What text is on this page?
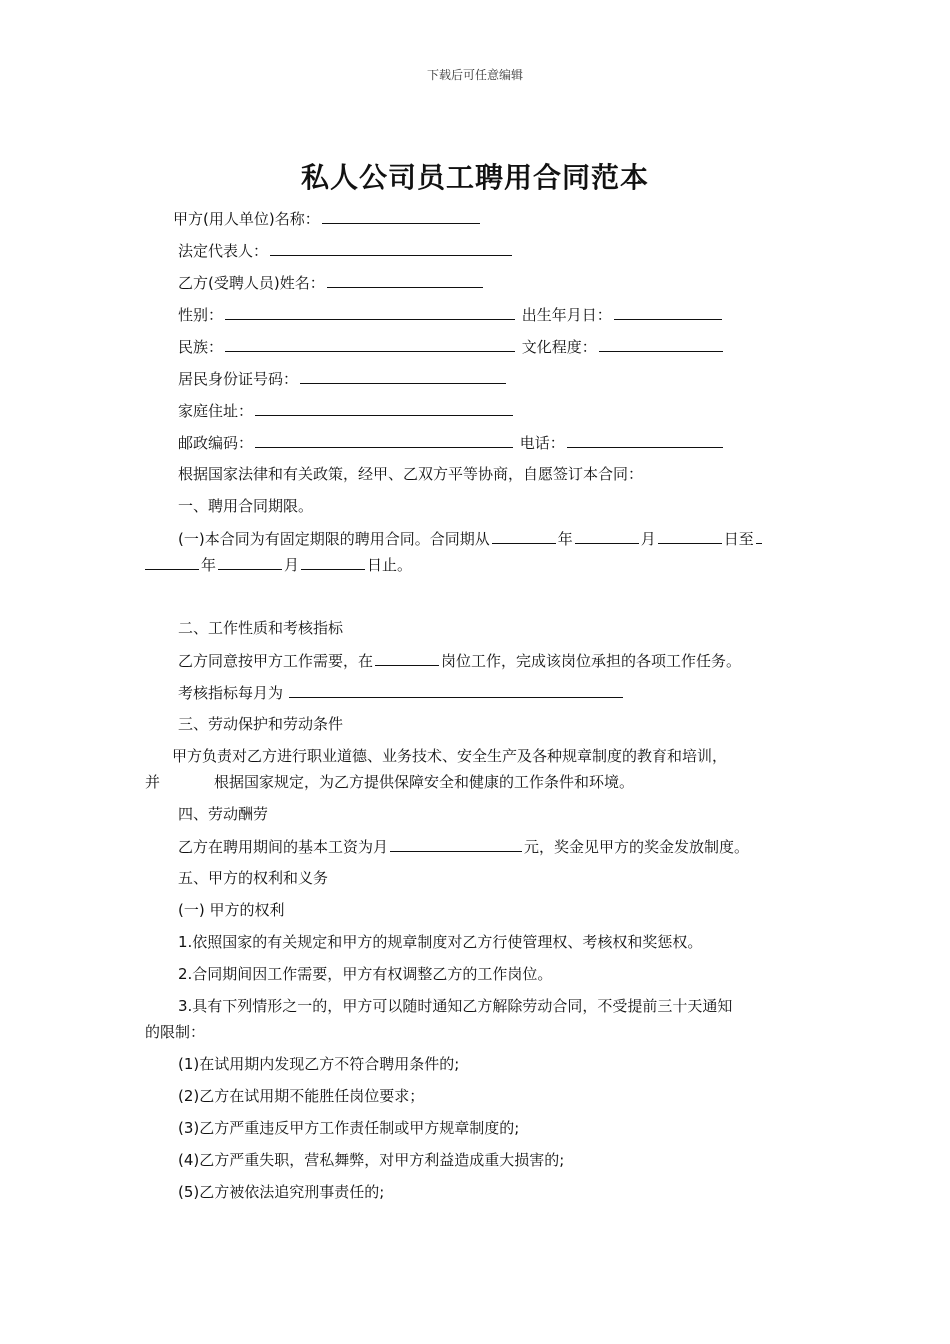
下载后可任意编辑
私人公司员工聘用合同范本
甲方(用人单位)名称：
法定代表人：
乙方(受聘人员)姓名：
性别：	出生年月日：
民族：	文化程度：
居民身份证号码：
家庭住址：
邮政编码：	电话：
根据国家法律和有关政策，经甲、乙双方平等协商，自愿签订本合同：
一、聘用合同期限。
(一)本合同为有固定期限的聘用合同。合同期从	年	月	日至
年	月	日止。
二、工作性质和考核指标
乙方同意按甲方工作需要，在	岗位工作，完成该岗位承担的各项工作任务。
考核指标每月为
三、劳动保护和劳动条件
甲方负责对乙方进行职业道德、业务技术、安全生产及各种规章制度的教育和培训，
并	根据国家规定，为乙方提供保障安全和健康的工作条件和环境。
四、劳动酬劳
乙方在聘用期间的基本工资为月	元，奖金见甲方的奖金发放制度。
五、甲方的权利和义务
(一) 甲方的权利
1.依照国家的有关规定和甲方的规章制度对乙方行使管理权、考核权和奖惩权。
2.合同期间因工作需要，甲方有权调整乙方的工作岗位。
3.具有下列情形之一的，甲方可以随时通知乙方解除劳动合同，不受提前三十天通知
的限制：
(1)在试用期内发现乙方不符合聘用条件的;
(2)乙方在试用期不能胜任岗位要求；
(3)乙方严重违反甲方工作责任制或甲方规章制度的;
(4)乙方严重失职，营私舞弊，对甲方利益造成重大损害的;
(5)乙方被依法追究刑事责任的;
